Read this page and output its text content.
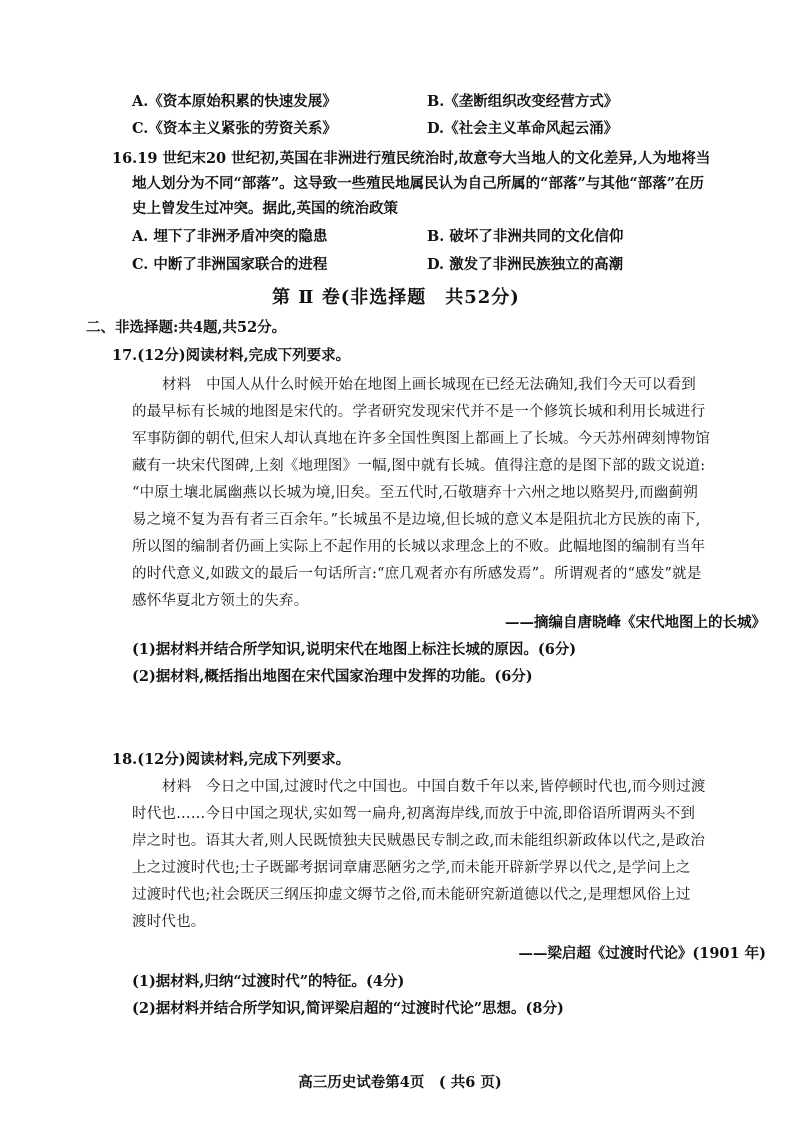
A.《资本原始积累的快速发展》	B.《垄断组织改变经营方式》
C.《资本主义紧张的劳资关系》	D.《社会主义革命风起云涌》
16.19 世纪末20 世纪初,英国在非洲进行殖民统治时,故意夸大当地人的文化差异,人为地将当
地人划分为不同“部落”。这导致一些殖民地属民认为自己所属的“部落”与其他“部落”在历
史上曾发生过冲突。据此,英国的统治政策
A. 埋下了非洲矛盾冲突的隐患	B. 破坏了非洲共同的文化信仰
C. 中断了非洲国家联合的进程	D. 激发了非洲民族独立的高潮
第 Ⅱ 卷(非选择题　共52分)
二、非选择题:共4题,共52分。
17.(12分)阅读材料,完成下列要求。
材料　中国人从什么时候开始在地图上画长城现在已经无法确知,我们今天可以看到
的最早标有长城的地图是宋代的。学者研究发现宋代并不是一个修筑长城和利用长城进行
军事防御的朝代,但宋人却认真地在许多全国性舆图上都画上了长城。今天苏州碑刻博物馆
藏有一块宋代图碑,上刻《地理图》一幅,图中就有长城。值得注意的是图下部的跋文说道:
“中原土壤北属幽燕以长城为境,旧矣。至五代时,石敬瑭弃十六州之地以赂契丹,而幽蓟朔
易之境不复为吾有者三百余年。”长城虽不是边境,但长城的意义本是阻抗北方民族的南下,
所以图的编制者仍画上实际上不起作用的长城以求理念上的不败。此幅地图的编制有当年
的时代意义,如跋文的最后一句话所言:“庶几观者亦有所感发焉”。所谓观者的“感发”就是
感怀华夏北方领土的失弃。
——摘编自唐晓峰《宋代地图上的长城》
(1)据材料并结合所学知识,说明宋代在地图上标注长城的原因。(6分)
(2)据材料,概括指出地图在宋代国家治理中发挥的功能。(6分)
18.(12分)阅读材料,完成下列要求。
材料　今日之中国,过渡时代之中国也。中国自数千年以来,皆停顿时代也,而今则过渡
时代也……今日中国之现状,实如驾一扁舟,初离海岸线,而放于中流,即俗语所谓两头不到
岸之时也。语其大者,则人民既愤独夫民贼愚民专制之政,而未能组织新政体以代之,是政治
上之过渡时代也;士子既鄙考据词章庸恶陋劣之学,而未能开辟新学界以代之,是学问上之
过渡时代也;社会既厌三纲压抑虚文缛节之俗,而未能研究新道德以代之,是理想风俗上过
渡时代也。
——梁启超《过渡时代论》(1901 年)
(1)据材料,归纳“过渡时代”的特征。(4分)
(2)据材料并结合所学知识,简评梁启超的“过渡时代论”思想。(8分)
高三历史试卷第4页　( 共6 页)
